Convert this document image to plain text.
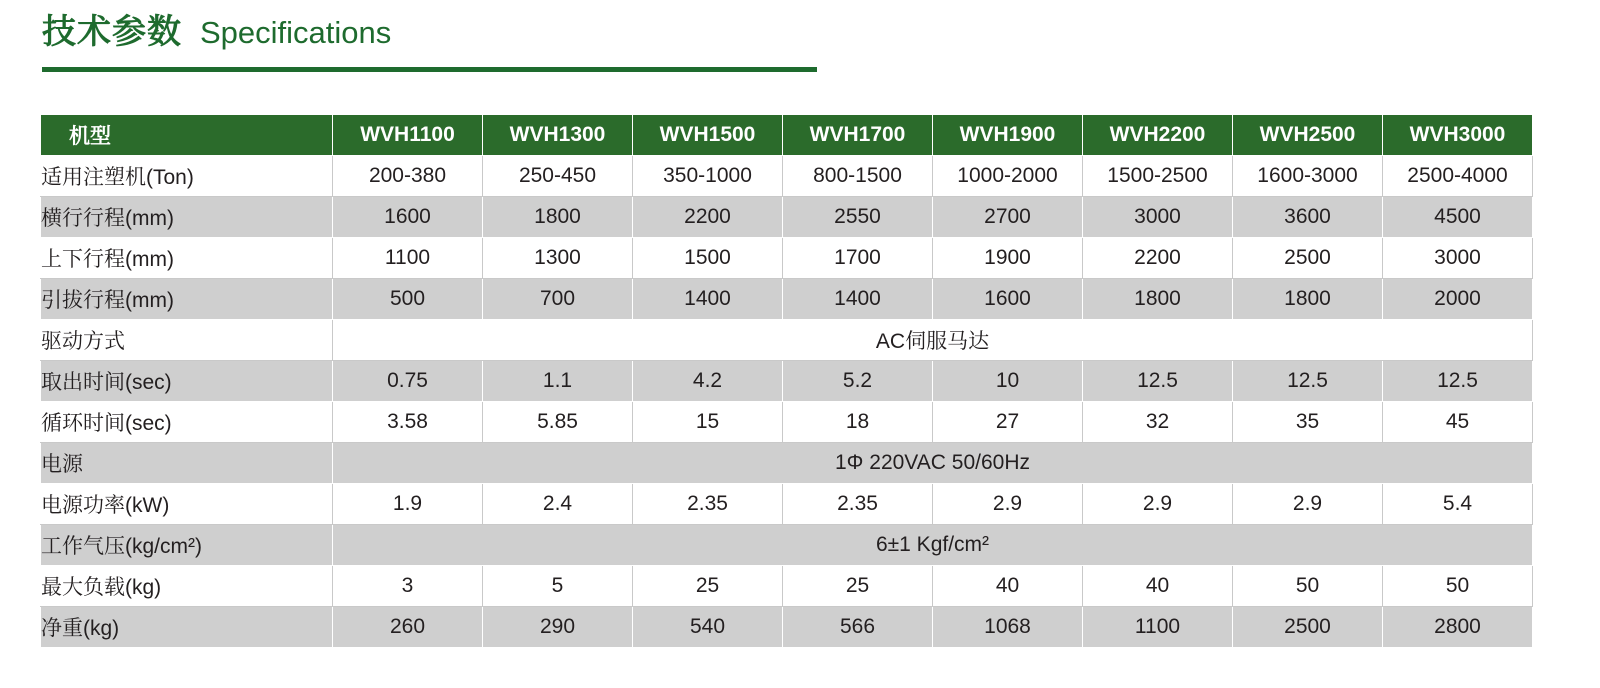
技术参数 Specifications
机型	WVH1100	WVH1300	WVH1500	WVH1700	WVH1900	WVH2200	WVH2500	WVH3000
适用注塑机(Ton)	200-380	250-450	350-1000	800-1500	1000-2000	1500-2500	1600-3000	2500-4000
横行行程(mm)	1600	1800	2200	2550	2700	3000	3600	4500
上下行程(mm)	1100	1300	1500	1700	1900	2200	2500	3000
引拔行程(mm)	500	700	1400	1400	1600	1800	1800	2000
驱动方式	AC伺服马达							
取出时间(sec)	0.75	1.1	4.2	5.2	10	12.5	12.5	12.5
循环时间(sec)	3.58	5.85	15	18	27	32	35	45
电源	1Φ 220VAC 50/60Hz							
电源功率(kW)	1.9	2.4	2.35	2.35	2.9	2.9	2.9	5.4
工作气压(kg/cm²)	6±1 Kgf/cm²							
最大负载(kg)	3	5	25	25	40	40	50	50
净重(kg)	260	290	540	566	1068	1100	2500	2800
